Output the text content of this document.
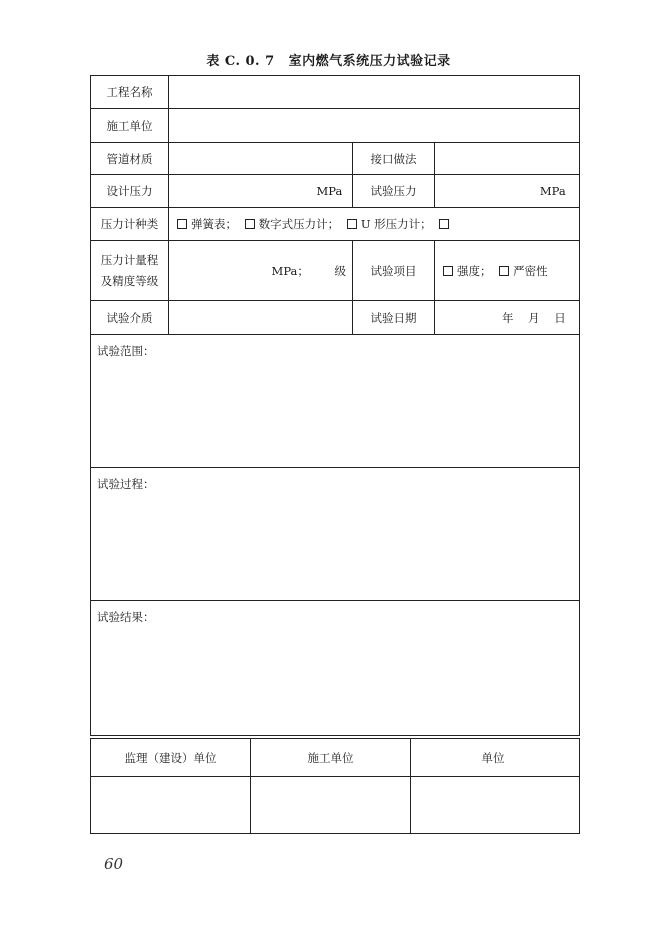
表 C. 0. 7 室内燃气系统压力试验记录
工程名称			
施工单位			
管道材质		接口做法	
设计压力	MPa	试验压力	MPa
压力计种类	弹簧表； 数字式压力计； U 形压力计；		
压力计量程
及精度等级	MPa； 级	试验项目	强度； 严密性
试验介质		试验日期	年 月 日
试验范围：			
试验过程：			
试验结果：			
监理（建设）单位	施工单位	单位

60
